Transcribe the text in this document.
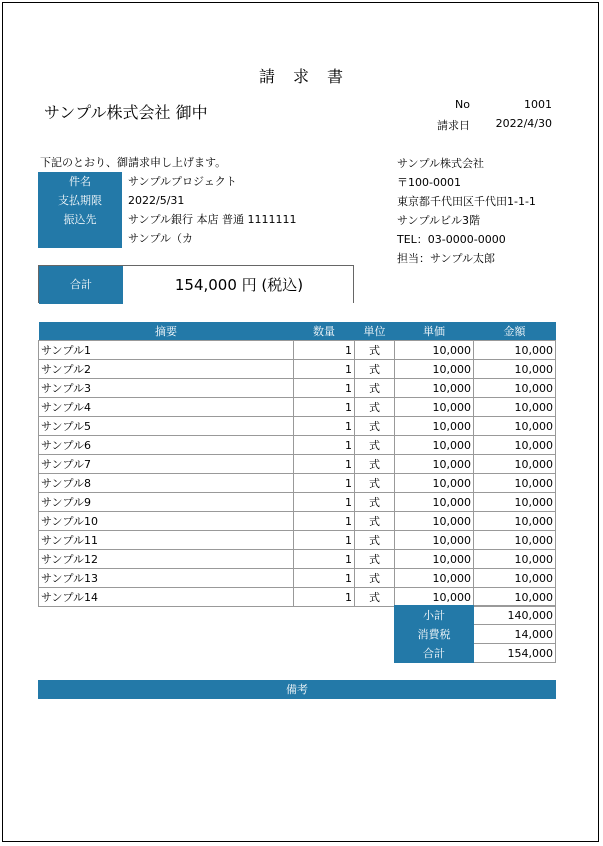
請　求　書
サンプル株式会社 御中	No	1001
請求日	2022/4/30
下記のとおり、御請求申し上げます。
件名	サンプルプロジェクト
支払期限	2022/5/31
振込先	サンプル銀行 本店 普通 1111111
サンプル（カ
サンプル株式会社
〒100-0001
東京都千代田区千代田1-1-1
サンプルビル3階
TEL：03-0000-0000
担当：サンプル太郎
合計	154,000 円 (税込)
摘要	数量	単位	単価	金額
サンプル1	1	式	10,000	10,000
サンプル2	1	式	10,000	10,000
サンプル3	1	式	10,000	10,000
サンプル4	1	式	10,000	10,000
サンプル5	1	式	10,000	10,000
サンプル6	1	式	10,000	10,000
サンプル7	1	式	10,000	10,000
サンプル8	1	式	10,000	10,000
サンプル9	1	式	10,000	10,000
サンプル10	1	式	10,000	10,000
サンプル11	1	式	10,000	10,000
サンプル12	1	式	10,000	10,000
サンプル13	1	式	10,000	10,000
サンプル14	1	式	10,000	10,000
小計	140,000
消費税	14,000
合計	154,000
備考
